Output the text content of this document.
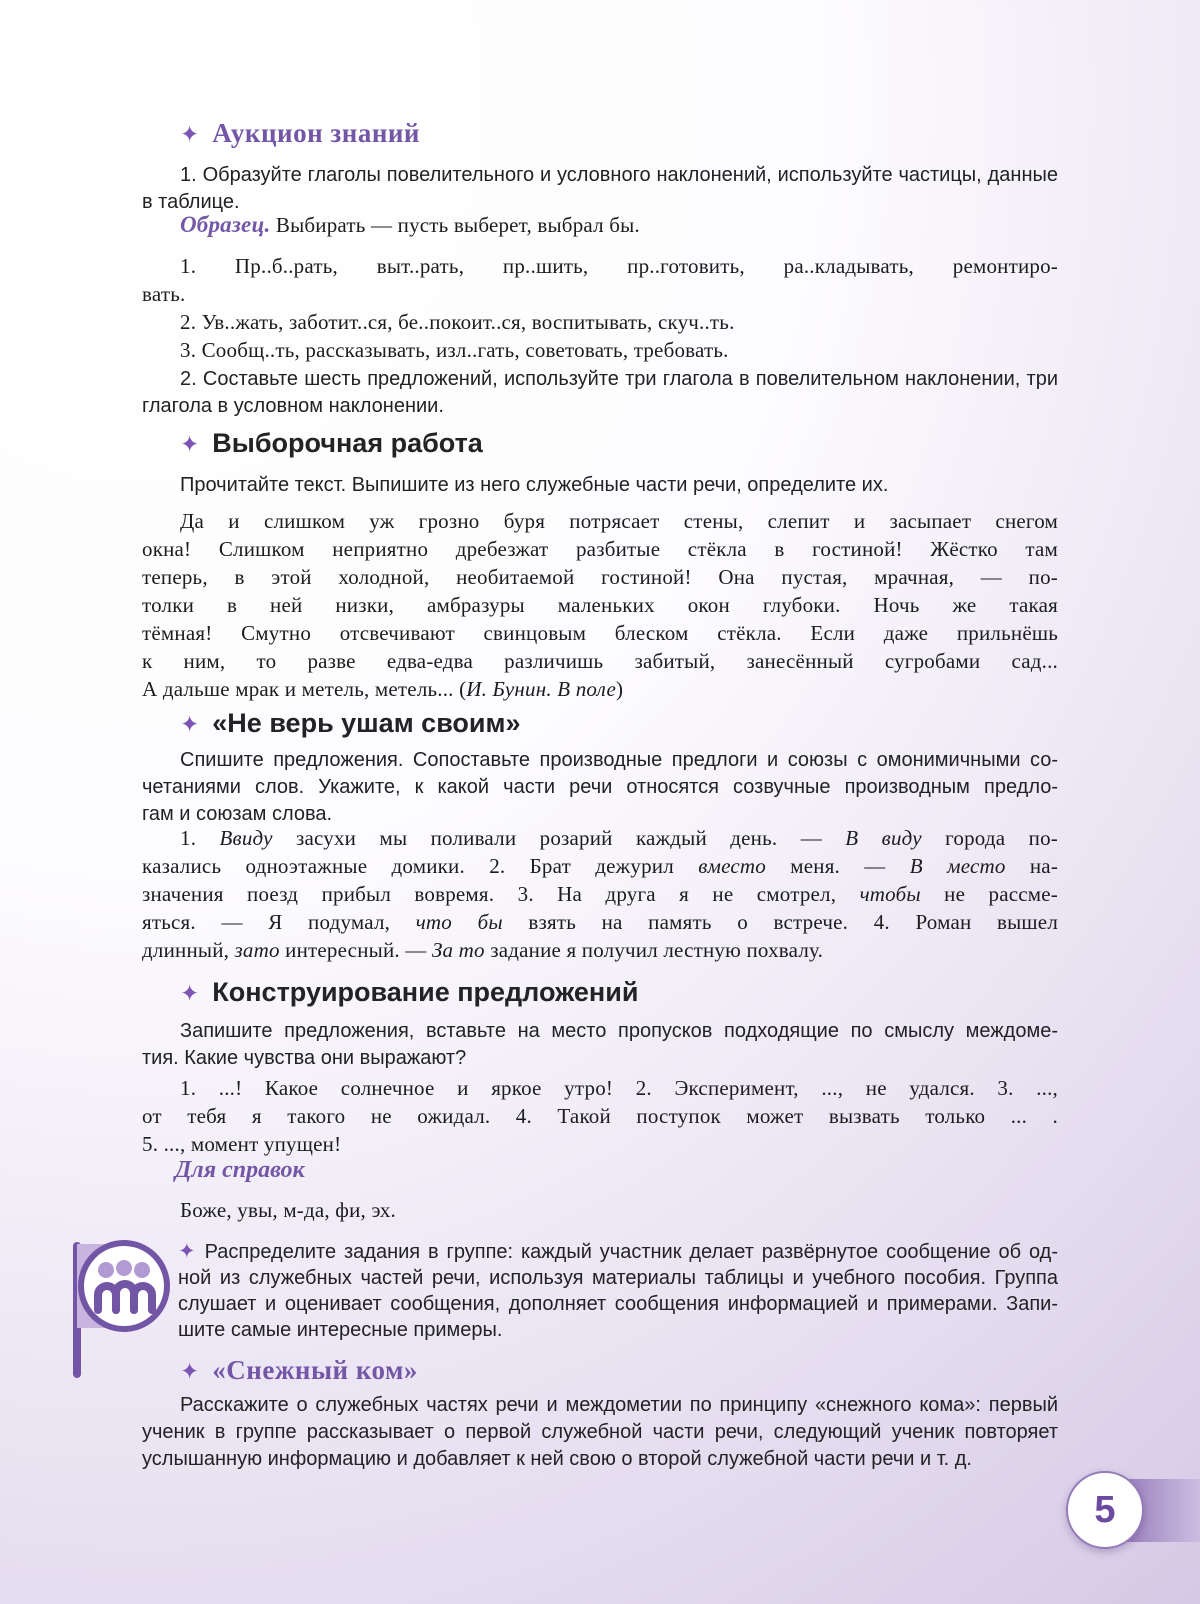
✦ Аукцион знаний
1. Образуйте глаголы повелительного и условного наклонений, используйте частицы, данные
в таблице.
Образец. Выбирать — пусть выберет, выбрал бы.
1. Пр..б..рать, выт..рать, пр..шить, пр..готовить, ра..кладывать, ремонтиро-
вать.
2. Ув..жать, заботит..ся, бе..покоит..ся, воспитывать, скуч..ть.
3. Сообщ..ть, рассказывать, изл..гать, советовать, требовать.
2. Составьте шесть предложений, используйте три глагола в повелительном наклонении, три
глагола в условном наклонении.
✦ Выборочная работа
Прочитайте текст. Выпишите из него служебные части речи, определите их.
Да и слишком уж грозно буря потрясает стены, слепит и засыпает снегом
окна! Слишком неприятно дребезжат разбитые стёкла в гостиной! Жёстко там
теперь, в этой холодной, необитаемой гостиной! Она пустая, мрачная, — по-
толки в ней низки, амбразуры маленьких окон глубоки. Ночь же такая
тёмная! Смутно отсвечивают свинцовым блеском стёкла. Если даже прильнёшь
к ним, то разве едва-едва различишь забитый, занесённый сугробами сад...
А дальше мрак и метель, метель... (И. Бунин. В поле)
✦ «Не верь ушам своим»
Спишите предложения. Сопоставьте производные предлоги и союзы с омонимичными со-
четаниями слов. Укажите, к какой части речи относятся созвучные производным предло-
гам и союзам слова.
1. Ввиду засухи мы поливали розарий каждый день. — В виду города по-
казались одноэтажные домики. 2. Брат дежурил вместо меня. — В место на-
значения поезд прибыл вовремя. 3. На друга я не смотрел, чтобы не рассме-
яться. — Я подумал, что бы взять на память о встрече. 4. Роман вышел
длинный, зато интересный. — За то задание я получил лестную похвалу.
✦ Конструирование предложений
Запишите предложения, вставьте на место пропусков подходящие по смыслу междоме-
тия. Какие чувства они выражают?
1. ...! Какое солнечное и яркое утро! 2. Эксперимент, ..., не удался. 3. ...,
от тебя я такого не ожидал. 4. Такой поступок может вызвать только ... .
5. ..., момент упущен!
Для справок
Боже, увы, м-да, фи, эх.
✦ Распределите задания в группе: каждый участник делает развёрнутое сообщение об од-
ной из служебных частей речи, используя материалы таблицы и учебного пособия. Группа
слушает и оценивает сообщения, дополняет сообщения информацией и примерами. Запи-
шите самые интересные примеры.
✦ «Снежный ком»
Расскажите о служебных частях речи и междометии по принципу «снежного кома»: первый
ученик в группе рассказывает о первой служебной части речи, следующий ученик повторяет
услышанную информацию и добавляет к ней свою о второй служебной части речи и т. д.
5
